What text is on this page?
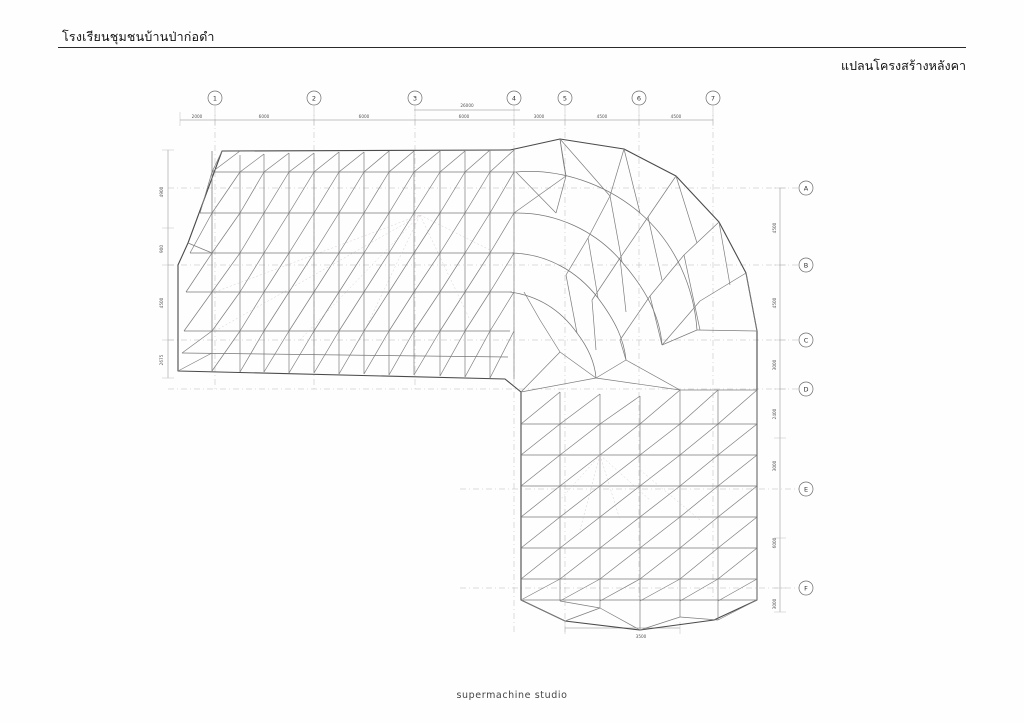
โรงเรียนชุมชนบ้านป่าก่อดำ
แปลนโครงสร้างหลังคา
2000	6000	6000	6000	3000	4500	4500
26000
1	2	3	4	5	6	7
A
B
C
D
E
F
4900
900
4500
2675
4500
4500
3000
2400
3000
6000
3000
3500
supermachine studio
